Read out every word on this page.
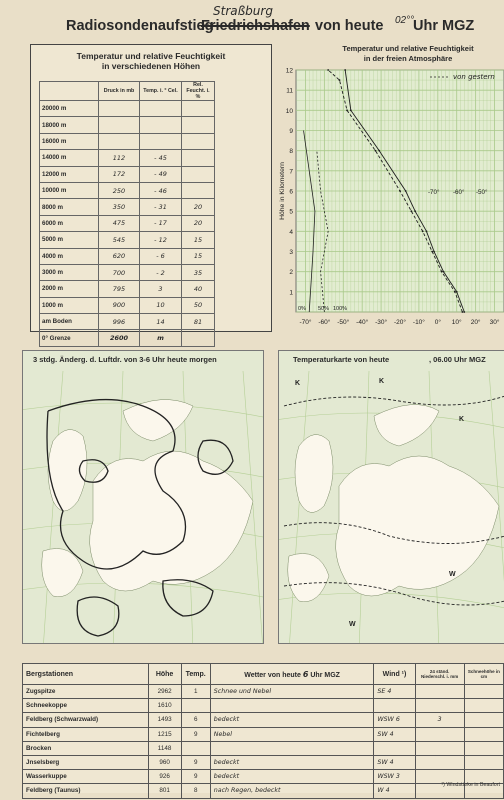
Radiosondenaufstieg
Straßburg
Friedrichshafen von heute 02°°
Uhr MGZ
Temperatur und relative Feuchtigkeit
in verschiedenen Höhen
	Druck in mb	Temp. i. ° Cel.	Rel. Feucht. i. %
20000 m			
18000 m			
16000 m			
14000 m	112	- 45	
12000 m	172	- 49	
10000 m	250	- 46	
8000 m	350	- 31	20
6000 m	475	- 17	20
5000 m	545	- 12	15
4000 m	620	- 6	15
3000 m	700	- 2	35
2000 m	795	3	40
1000 m	900	10	50
am Boden	996	14	81
0° Grenze	2600	m	
Temperatur und relative Feuchtigkeit
in der freien Atmosphäre
1
2
3
4
5
6
7
8
9
10
11
12
-70° -60° -50° -40° -30° -20° -10° 0° 10° 20° 30°
Höhe in Kilometern
von gestern
-70° -60° -50°
0% 50% 100%
3 stdg. Änderg. d. Luftdr. von 3-6 Uhr heute morgen	Temperaturkarte von heute	, 06.00 Uhr MGZ
K	K
K
W
W
Bergstationen	Höhe	Temp.	Wetter von heute 6 Uhr MGZ	Wind ¹)	24 ständ. Niederschl. i. mm	Schneehöhe in cm
Zugspitze	2962	1	Schnee und Nebel	SE 4		
Schneekoppe	1610					
Feldberg (Schwarzwald)	1493	6	bedeckt	WSW 6	3	
Fichtelberg	1215	9	Nebel	SW 4		
Brocken	1148					
Jnselsberg	960	9	bedeckt	SW 4		
Wasserkuppe	926	9	bedeckt	WSW 3		
Feldberg (Taunus)	801	8	nach Regen, bedeckt	W 4		
¹) Windstärke in Beaufort
